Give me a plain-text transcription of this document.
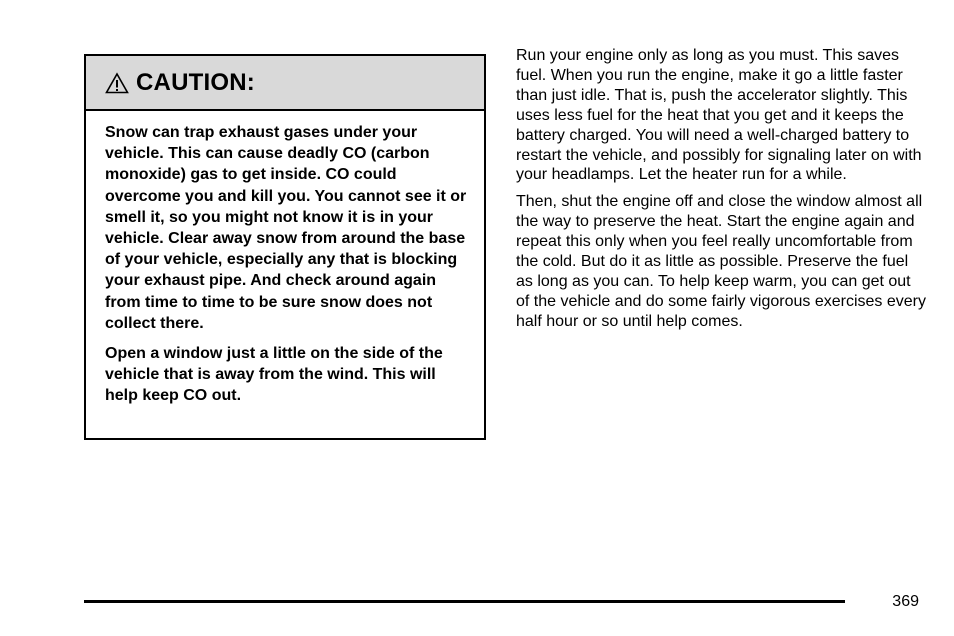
CAUTION:

Snow can trap exhaust gases under your vehicle. This can cause deadly CO (carbon monoxide) gas to get inside. CO could overcome you and kill you. You cannot see it or smell it, so you might not know it is in your vehicle. Clear away snow from around the base of your vehicle, especially any that is blocking your exhaust pipe. And check around again from time to time to be sure snow does not collect there.

Open a window just a little on the side of the vehicle that is away from the wind. This will help keep CO out.

Run your engine only as long as you must. This saves fuel. When you run the engine, make it go a little faster than just idle. That is, push the accelerator slightly. This uses less fuel for the heat that you get and it keeps the battery charged. You will need a well-charged battery to restart the vehicle, and possibly for signaling later on with your headlamps. Let the heater run for a while.

Then, shut the engine off and close the window almost all the way to preserve the heat. Start the engine again and repeat this only when you feel really uncomfortable from the cold. But do it as little as possible. Preserve the fuel as long as you can. To help keep warm, you can get out of the vehicle and do some fairly vigorous exercises every half hour or so until help comes.

369
